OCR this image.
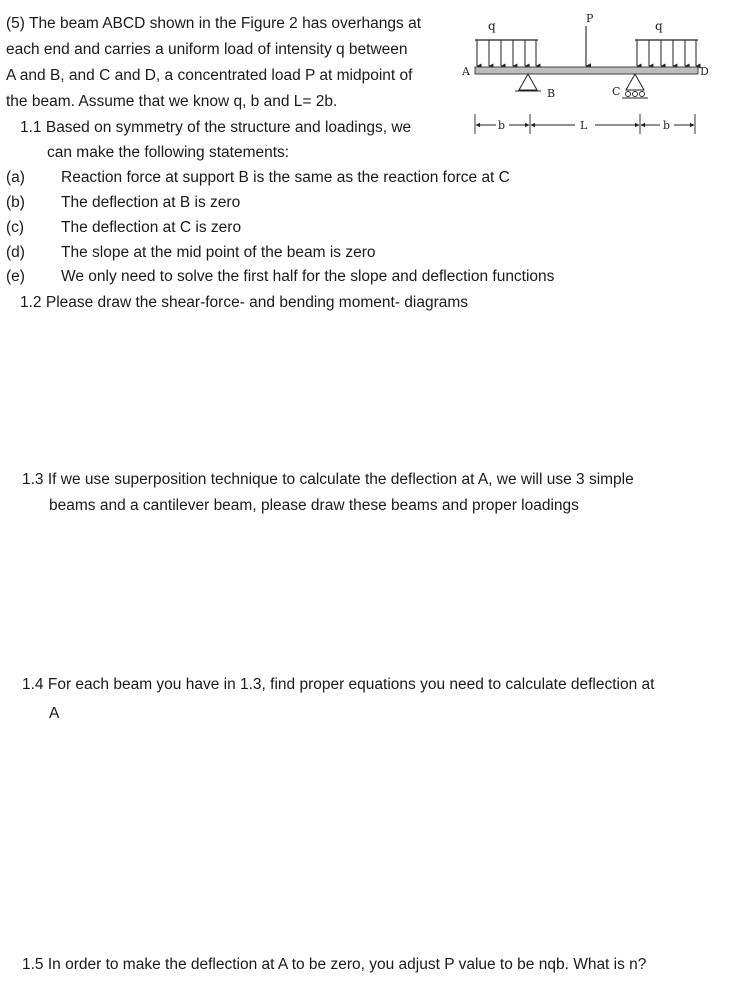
(5) The beam ABCD shown in the Figure 2 has overhangs at
each end and carries a uniform load of intensity q between
A and B, and C and D, a concentrated load P at midpoint of
the beam. Assume that we know q, b and L= 2b.
1.1 Based on symmetry of the structure and loadings, we
can make the following statements:
(a) Reaction force at support B is the same as the reaction force at C
(b) The deflection at B is zero
(c) The deflection at C is zero
(d) The slope at the mid point of the beam is zero
(e) We only need to solve the first half for the slope and deflection functions
1.2 Please draw the shear-force- and bending moment- diagrams
1.3 If we use superposition technique to calculate the deflection at A, we will use 3 simple
beams and a cantilever beam, please draw these beams and proper loadings
1.4 For each beam you have in 1.3, find proper equations you need to calculate deflection at
A
1.5 In order to make the deflection at A to be zero, you adjust P value to be nqb. What is n?
q
P
q
A	D
B	C
b	L	b
